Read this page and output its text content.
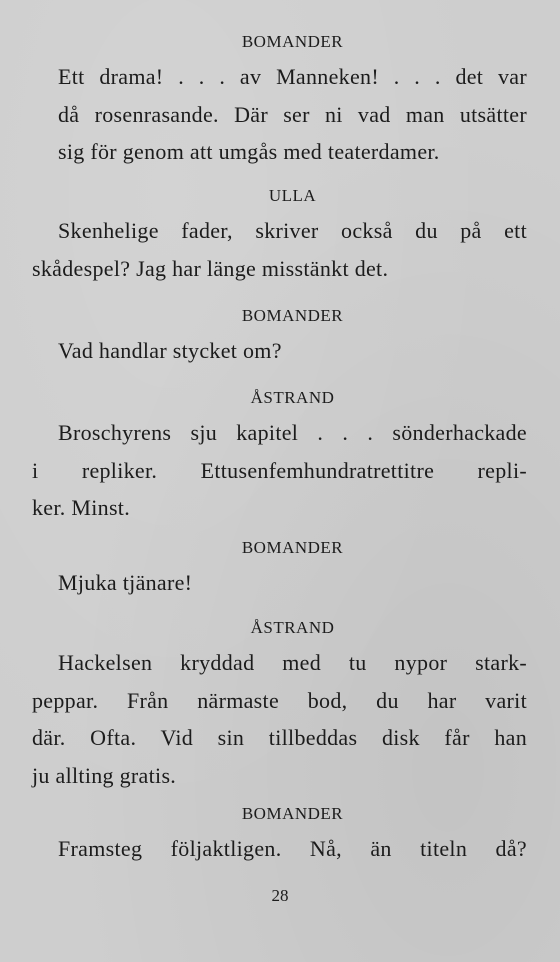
BOMANDER

Ett drama! . . . av Manneken! . . . det var

då rosenrasande. Där ser ni vad man utsätter

sig för genom att umgås med teaterdamer.

ULLA

Skenhelige fader, skriver också du på ett

skådespel? Jag har länge misstänkt det.

BOMANDER

Vad handlar stycket om?

ÅSTRAND

Broschyrens sju kapitel . . . sönderhackade

i repliker. Ettusenfemhundratrettitre repli-

ker. Minst.

BOMANDER

Mjuka tjänare!

ÅSTRAND

Hackelsen kryddad med tu nypor stark-

peppar. Från närmaste bod, du har varit

där. Ofta. Vid sin tillbeddas disk får han

ju allting gratis.

BOMANDER

Framsteg följaktligen. Nå, än titeln då?

28
